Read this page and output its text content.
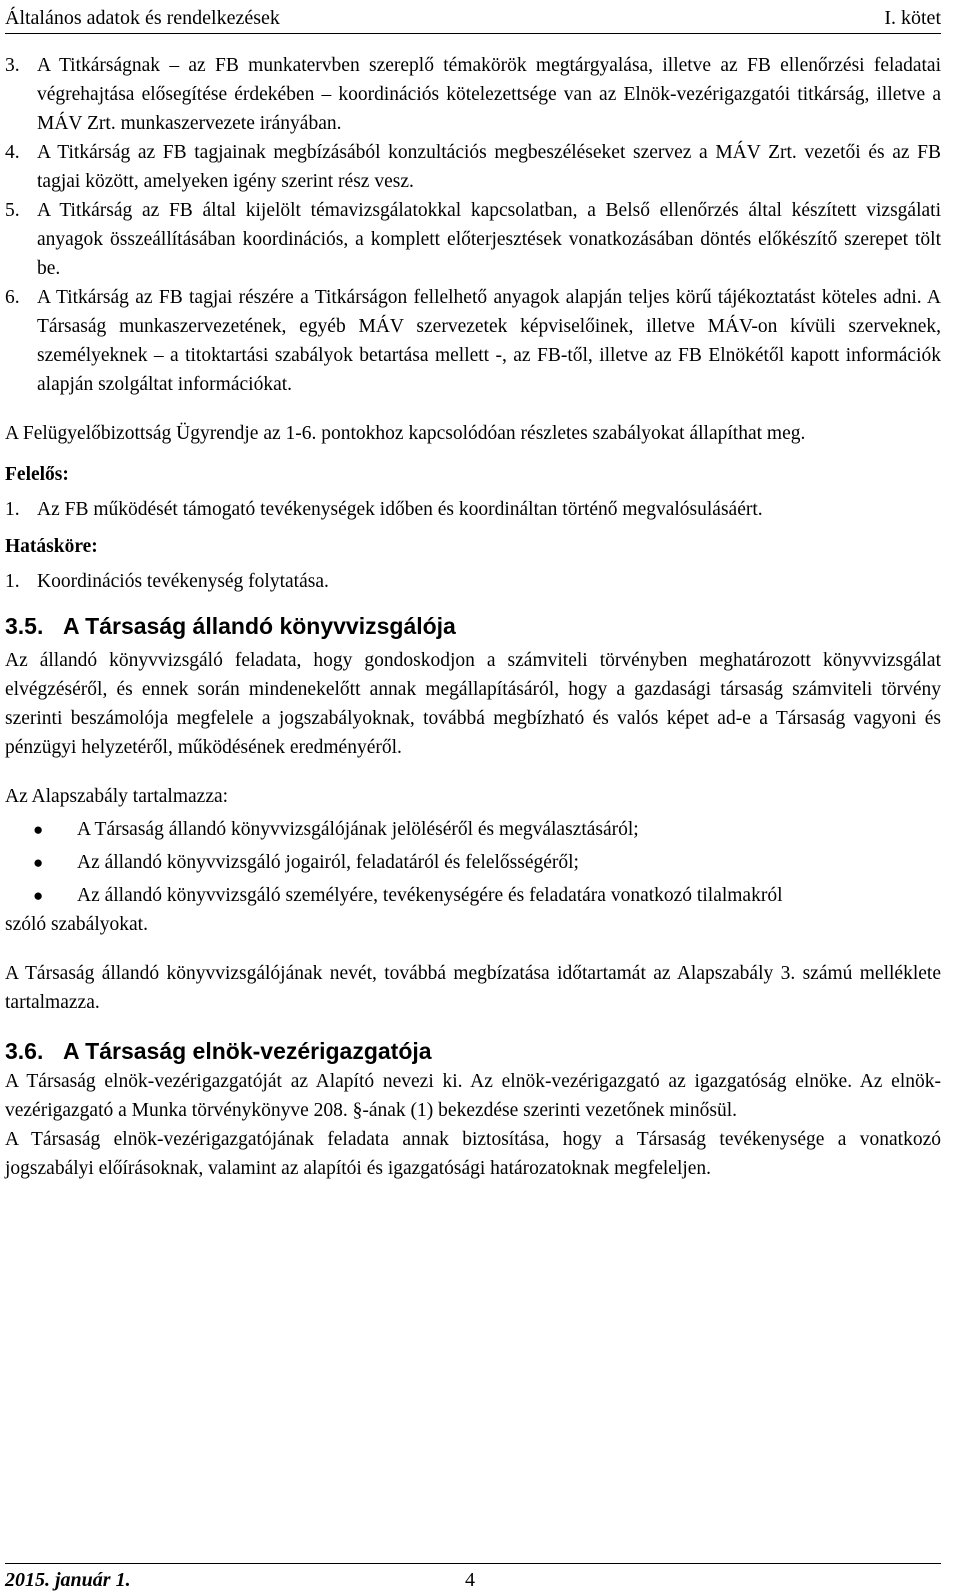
Általános adatok és rendelkezések	I. kötet
3. A Titkárságnak – az FB munkatervben szereplő témakörök megtárgyalása, illetve az FB ellenőrzési feladatai végrehajtása elősegítése érdekében – koordinációs kötelezettsége van az Elnök-vezérigazgatói titkárság, illetve a MÁV Zrt. munkaszervezete irányában.
4. A Titkárság az FB tagjainak megbízásából konzultációs megbeszéléseket szervez a MÁV Zrt. vezetői és az FB tagjai között, amelyeken igény szerint rész vesz.
5. A Titkárság az FB által kijelölt témavizsgálatokkal kapcsolatban, a Belső ellenőrzés által készített vizsgálati anyagok összeállításában koordinációs, a komplett előterjesztések vonatkozásában döntés előkészítő szerepet tölt be.
6. A Titkárság az FB tagjai részére a Titkárságon fellelhető anyagok alapján teljes körű tájékoztatást köteles adni. A Társaság munkaszervezetének, egyéb MÁV szervezetek képviselőinek, illetve MÁV-on kívüli szerveknek, személyeknek – a titoktartási szabályok betartása mellett -, az FB-től, illetve az FB Elnökétől kapott információk alapján szolgáltat információkat.

A Felügyelőbizottság Ügyrendje az 1-6. pontokhoz kapcsolódóan részletes szabályokat állapíthat meg.

Felelős:

1. Az FB működését támogató tevékenységek időben és koordináltan történő megvalósulásáért.

Hatásköre:

1. Koordinációs tevékenység folytatása.
3.5. A Társaság állandó könyvvizsgálója

Az állandó könyvvizsgáló feladata, hogy gondoskodjon a számviteli törvényben meghatározott könyvvizsgálat elvégzéséről, és ennek során mindenekelőtt annak megállapításáról, hogy a gazdasági társaság számviteli törvény szerinti beszámolója megfelele a jogszabályoknak, továbbá megbízható és valós képet ad-e a Társaság vagyoni és pénzügyi helyzetéről, működésének eredményéről.

Az Alapszabály tartalmazza:

●	A Társaság állandó könyvvizsgálójának jelöléséről és megválasztásáról;
●	Az állandó könyvvizsgáló jogairól, feladatáról és felelősségéről;
●	Az állandó könyvvizsgáló személyére, tevékenységére és feladatára vonatkozó tilalmakról

szóló szabályokat.

A Társaság állandó könyvvizsgálójának nevét, továbbá megbízatása időtartamát az Alapszabály 3. számú melléklete tartalmazza.

3.6. A Társaság elnök-vezérigazgatója

A Társaság elnök-vezérigazgatóját az Alapító nevezi ki. Az elnök-vezérigazgató az igazgatóság elnöke. Az elnök-vezérigazgató a Munka törvénykönyve 208. §-ának (1) bekezdése szerinti vezetőnek minősül.

A Társaság elnök-vezérigazgatójának feladata annak biztosítása, hogy a Társaság tevékenysége a vonatkozó jogszabályi előírásoknak, valamint az alapítói és igazgatósági határozatoknak megfeleljen.

2015. január 1.	4
